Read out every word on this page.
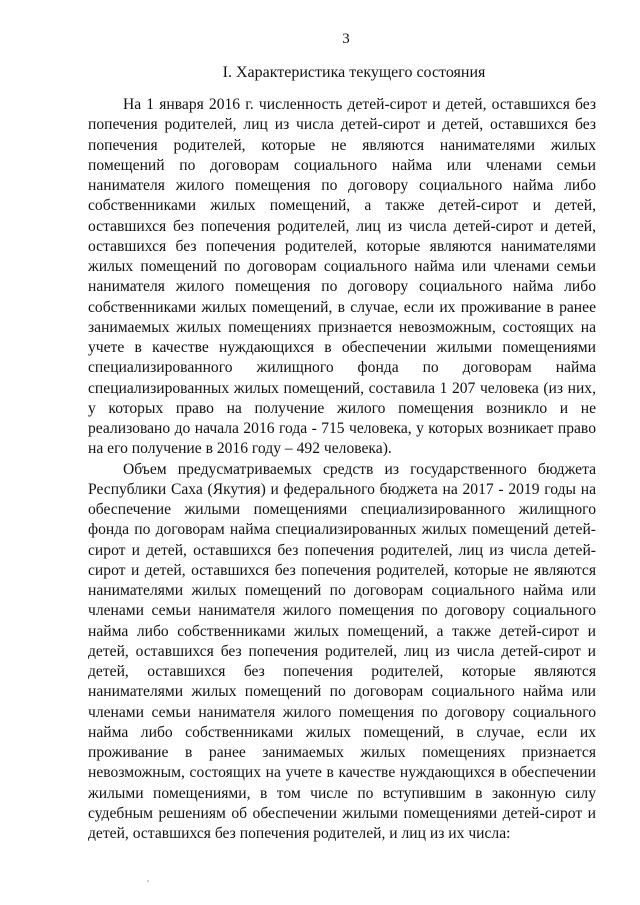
3
I. Характеристика текущего состояния

На 1 января 2016 г. численность детей-сирот и детей, оставшихся без попечения родителей, лиц из числа детей-сирот и детей, оставшихся без попечения родителей, которые не являются нанимателями жилых помещений по договорам социального найма или членами семьи нанимателя жилого помещения по договору социального найма либо собственниками жилых помещений, а также детей-сирот и детей, оставшихся без попечения родителей, лиц из числа детей-сирот и детей, оставшихся без попечения родителей, которые являются нанимателями жилых помещений по договорам социального найма или членами семьи нанимателя жилого помещения по договору социального найма либо собственниками жилых помещений, в случае, если их проживание в ранее занимаемых жилых помещениях признается невозможным, состоящих на учете в качестве нуждающихся в обеспечении жилыми помещениями специализированного жилищного фонда по договорам найма специализированных жилых помещений, составила 1 207 человека (из них, у которых право на получение жилого помещения возникло и не реализовано до начала 2016 года - 715 человека, у которых возникает право на его получение в 2016 году – 492 человека).

Объем предусматриваемых средств из государственного бюджета Республики Саха (Якутия) и федерального бюджета на 2017 - 2019 годы на обеспечение жилыми помещениями специализированного жилищного фонда по договорам найма специализированных жилых помещений детей-сирот и детей, оставшихся без попечения родителей, лиц из числа детей-сирот и детей, оставшихся без попечения родителей, которые не являются нанимателями жилых помещений по договорам социального найма или членами семьи нанимателя жилого помещения по договору социального найма либо собственниками жилых помещений, а также детей-сирот и детей, оставшихся без попечения родителей, лиц из числа детей-сирот и детей, оставшихся без попечения родителей, которые являются нанимателями жилых помещений по договорам социального найма или членами семьи нанимателя жилого помещения по договору социального найма либо собственниками жилых помещений, в случае, если их проживание в ранее занимаемых жилых помещениях признается невозможным, состоящих на учете в качестве нуждающихся в обеспечении жилыми помещениями, в том числе по вступившим в законную силу судебным решениям об обеспечении жилыми помещениями детей-сирот и детей, оставшихся без попечения родителей, и лиц из их числа:
